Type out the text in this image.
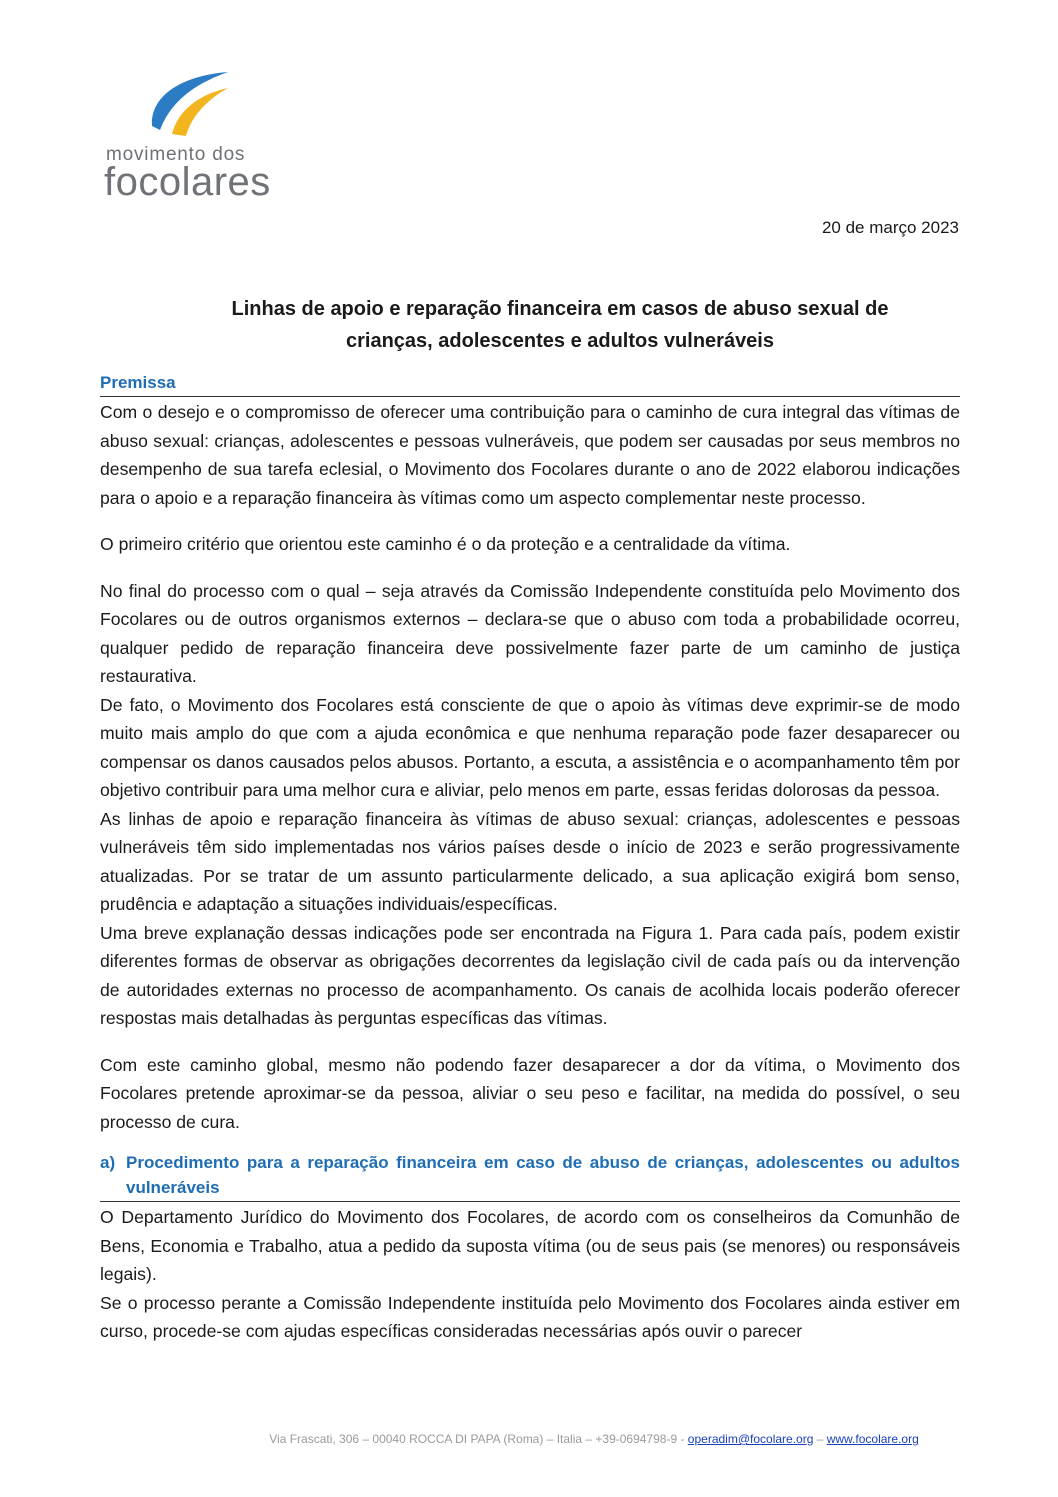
movimento dos
focolares
20 de março 2023
Linhas de apoio e reparação financeira em casos de abuso sexual de
crianças, adolescentes e adultos vulneráveis
Premissa

Com o desejo e o compromisso de oferecer uma contribuição para o caminho de cura integral das vítimas de abuso sexual: crianças, adolescentes e pessoas vulneráveis, que podem ser causadas por seus membros no desempenho de sua tarefa eclesial, o Movimento dos Focolares durante o ano de 2022 elaborou indicações para o apoio e a reparação financeira às vítimas como um aspecto complementar neste processo.

O primeiro critério que orientou este caminho é o da proteção e a centralidade da vítima.

No final do processo com o qual – seja através da Comissão Independente constituída pelo Movimento dos Focolares ou de outros organismos externos – declara-se que o abuso com toda a probabilidade ocorreu, qualquer pedido de reparação financeira deve possivelmente fazer parte de um caminho de justiça restaurativa.

De fato, o Movimento dos Focolares está consciente de que o apoio às vítimas deve exprimir-se de modo muito mais amplo do que com a ajuda econômica e que nenhuma reparação pode fazer desaparecer ou compensar os danos causados pelos abusos. Portanto, a escuta, a assistência e o acompanhamento têm por objetivo contribuir para uma melhor cura e aliviar, pelo menos em parte, essas feridas dolorosas da pessoa.

As linhas de apoio e reparação financeira às vítimas de abuso sexual: crianças, adolescentes e pessoas vulneráveis têm sido implementadas nos vários países desde o início de 2023 e serão progressivamente atualizadas. Por se tratar de um assunto particularmente delicado, a sua aplicação exigirá bom senso, prudência e adaptação a situações individuais/específicas.

Uma breve explanação dessas indicações pode ser encontrada na Figura 1. Para cada país, podem existir diferentes formas de observar as obrigações decorrentes da legislação civil de cada país ou da intervenção de autoridades externas no processo de acompanhamento. Os canais de acolhida locais poderão oferecer respostas mais detalhadas às perguntas específicas das vítimas.

Com este caminho global, mesmo não podendo fazer desaparecer a dor da vítima, o Movimento dos Focolares pretende aproximar-se da pessoa, aliviar o seu peso e facilitar, na medida do possível, o seu processo de cura.

a) Procedimento para a reparação financeira em caso de abuso de crianças, adolescentes ou adultos vulneráveis

O Departamento Jurídico do Movimento dos Focolares, de acordo com os conselheiros da Comunhão de Bens, Economia e Trabalho, atua a pedido da suposta vítima (ou de seus pais (se menores) ou responsáveis legais).

Se o processo perante a Comissão Independente instituída pelo Movimento dos Focolares ainda estiver em curso, procede-se com ajudas específicas consideradas necessárias após ouvir o parecer

Via Frascati, 306 – 00040 ROCCA DI PAPA (Roma) – Italia – +39-0694798-9 - operadim@focolare.org – www.focolare.org
